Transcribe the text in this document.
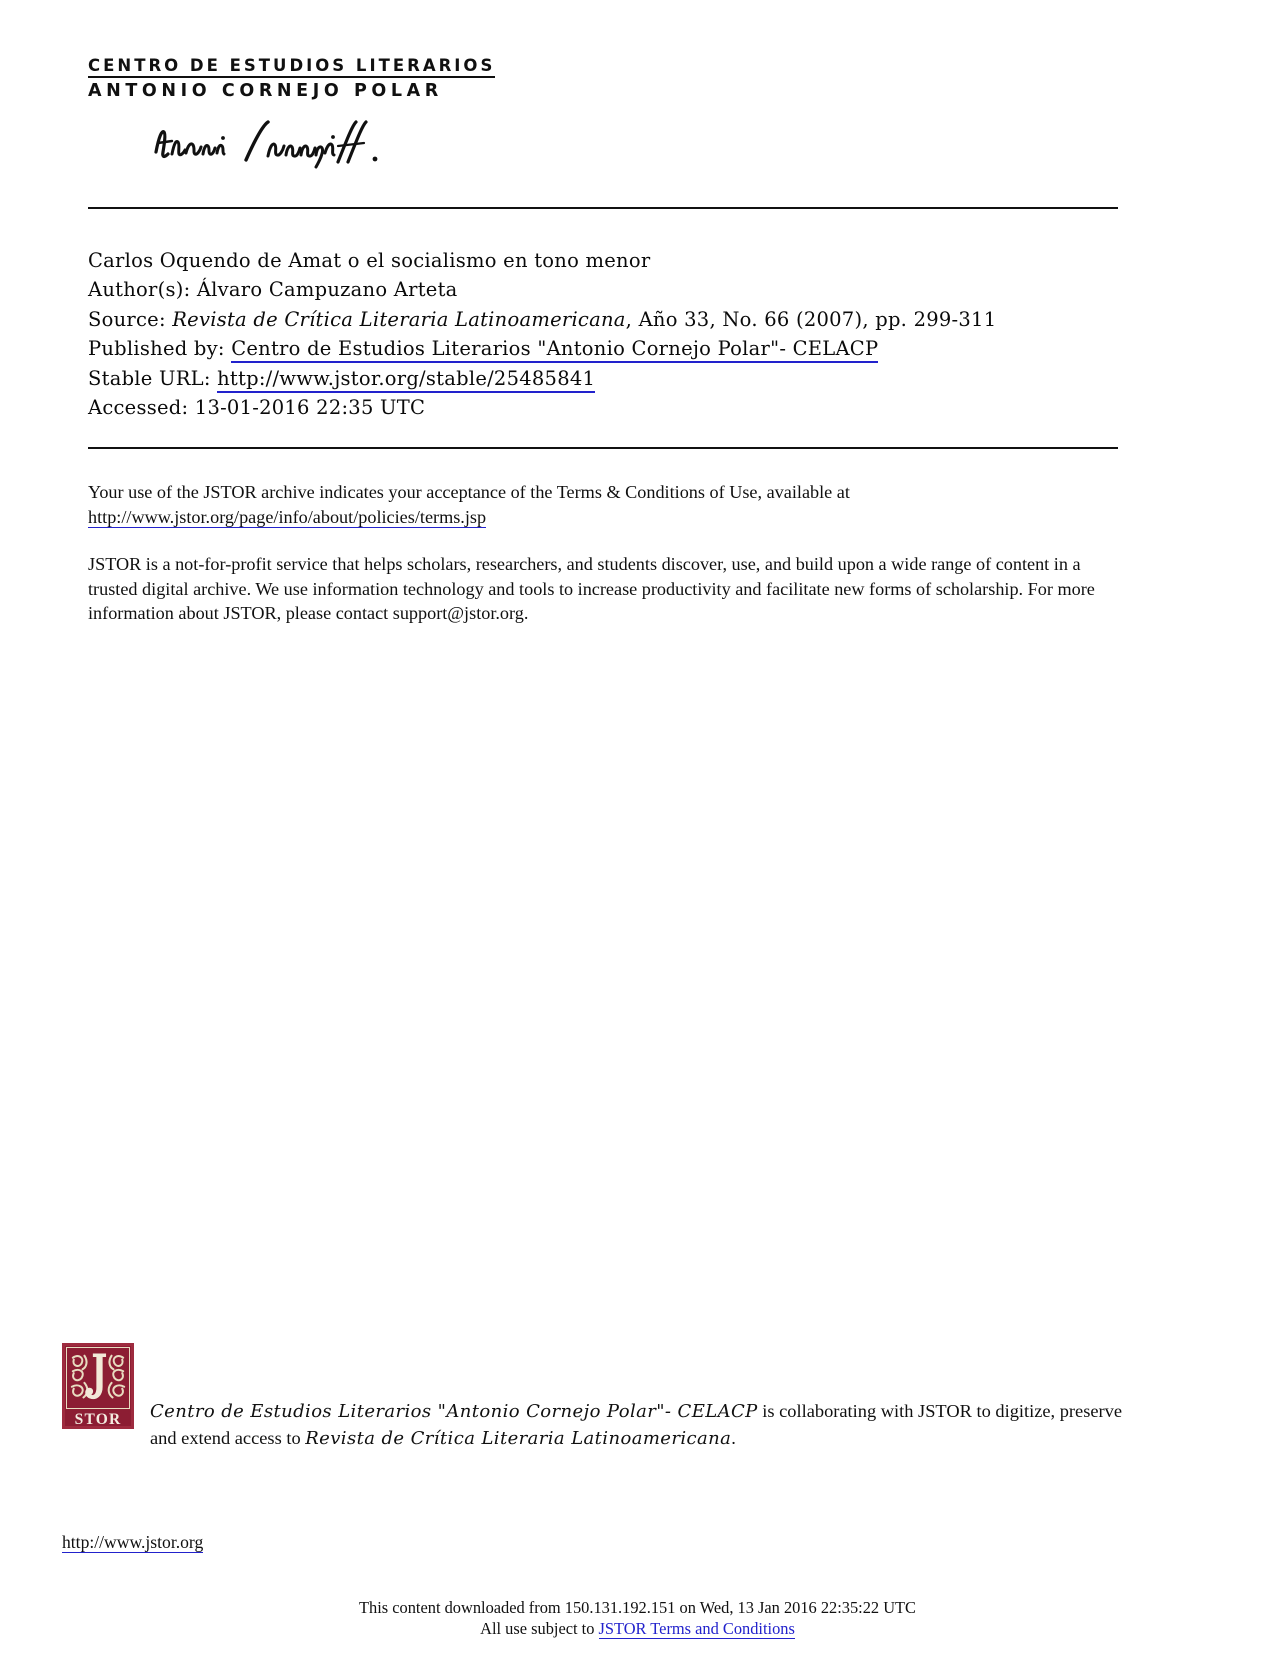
CENTRO DE ESTUDIOS LITERARIOS
ANTONIO CORNEJO POLAR
Carlos Oquendo de Amat o el socialismo en tono menor
Author(s): Álvaro Campuzano Arteta
Source: Revista de Crítica Literaria Latinoamericana, Año 33, No. 66 (2007), pp. 299-311
Published by: Centro de Estudios Literarios "Antonio Cornejo Polar"- CELACP
Stable URL: http://www.jstor.org/stable/25485841
Accessed: 13-01-2016 22:35 UTC

Your use of the JSTOR archive indicates your acceptance of the Terms & Conditions of Use, available at http://www.jstor.org/page/info/about/policies/terms.jsp

JSTOR is a not-for-profit service that helps scholars, researchers, and students discover, use, and build upon a wide range of content in a trusted digital archive. We use information technology and tools to increase productivity and facilitate new forms of scholarship. For more information about JSTOR, please contact support@jstor.org.

STOR	Centro de Estudios Literarios "Antonio Cornejo Polar"- CELACP is collaborating with JSTOR to digitize, preserve and extend access to Revista de Crítica Literaria Latinoamericana.
http://www.jstor.org
This content downloaded from 150.131.192.151 on Wed, 13 Jan 2016 22:35:22 UTC
All use subject to JSTOR Terms and Conditions
